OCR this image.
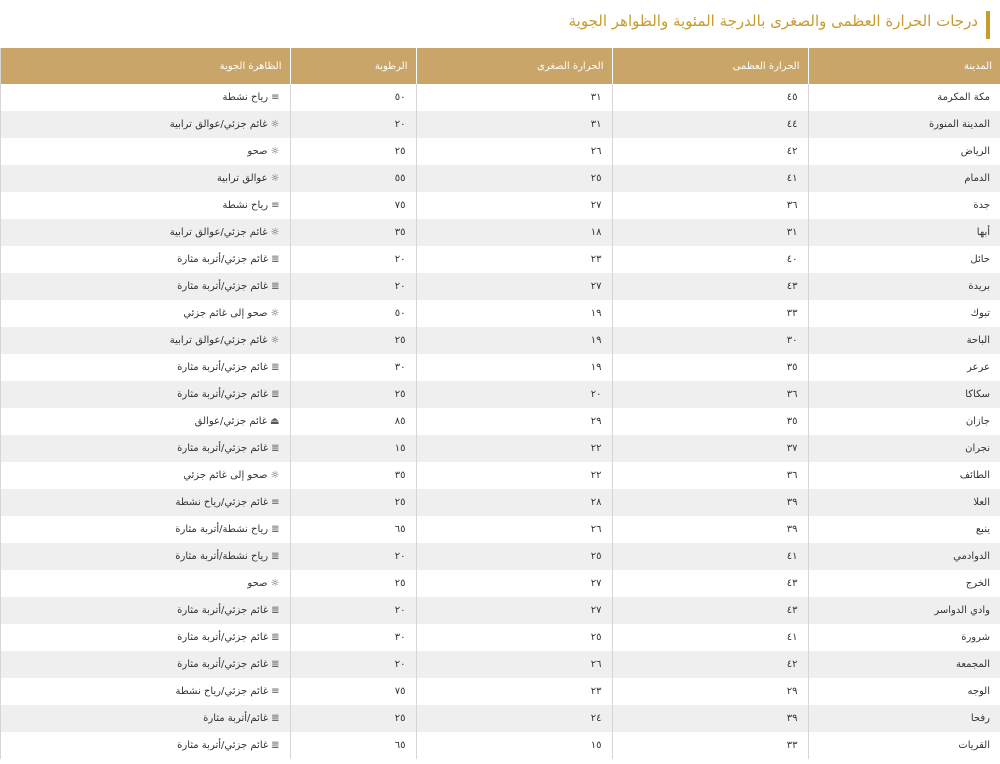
درجات الحرارة العظمى والصغرى بالدرجة المئوية والظواهر الجوية
المدينة	الحرارة العظمى	الحرارة الصغرى	الرطوبة	الظاهرة الجوية
مكة المكرمة	٤٥	٣١	٥٠	≡رياح نشطة
المدينة المنورة	٤٤	٣١	٢٠	☼غائم جزئي/عوالق ترابية
الرياض	٤٢	٢٦	٢٥	☼صحو
الدمام	٤١	٢٥	٥٥	☼عوالق ترابية
جدة	٣٦	٢٧	٧٥	≡رياح نشطة
أبها	٣١	١٨	٣٥	☼غائم جزئي/عوالق ترابية
حائل	٤٠	٢٣	٢٠	≣غائم جزئي/أتربة مثارة
بريدة	٤٣	٢٧	٢٠	≣غائم جزئي/أتربة مثارة
تبوك	٣٣	١٩	٥٠	☼صحو إلى غائم جزئي
الباحة	٣٠	١٩	٢٥	☼غائم جزئي/عوالق ترابية
عرعر	٣٥	١٩	٣٠	≣غائم جزئي/أتربة مثارة
سكاكا	٣٦	٢٠	٢٥	≣غائم جزئي/أتربة مثارة
جازان	٣٥	٢٩	٨٥	⏏غائم جزئي/عوالق
نجران	٣٧	٢٢	١٥	≣غائم جزئي/أتربة مثارة
الطائف	٣٦	٢٢	٣٥	☼صحو إلى غائم جزئي
العلا	٣٩	٢٨	٢٥	≡غائم جزئي/رياح نشطة
ينبع	٣٩	٢٦	٦٥	≣رياح نشطة/أتربة مثارة
الدوادمي	٤١	٢٥	٢٠	≣رياح نشطة/أتربة مثارة
الخرج	٤٣	٢٧	٢٥	☼صحو
وادي الدواسر	٤٣	٢٧	٢٠	≣غائم جزئي/أتربة مثارة
شرورة	٤١	٢٥	٣٠	≣غائم جزئي/أتربة مثارة
المجمعة	٤٢	٢٦	٢٠	≣غائم جزئي/أتربة مثارة
الوجه	٢٩	٢٣	٧٥	≡غائم جزئي/رياح نشطة
رفحا	٣٩	٢٤	٢٥	≣غائم/أتربة مثارة
القريات	٣٣	١٥	٦٥	≣غائم جزئي/أتربة مثارة
